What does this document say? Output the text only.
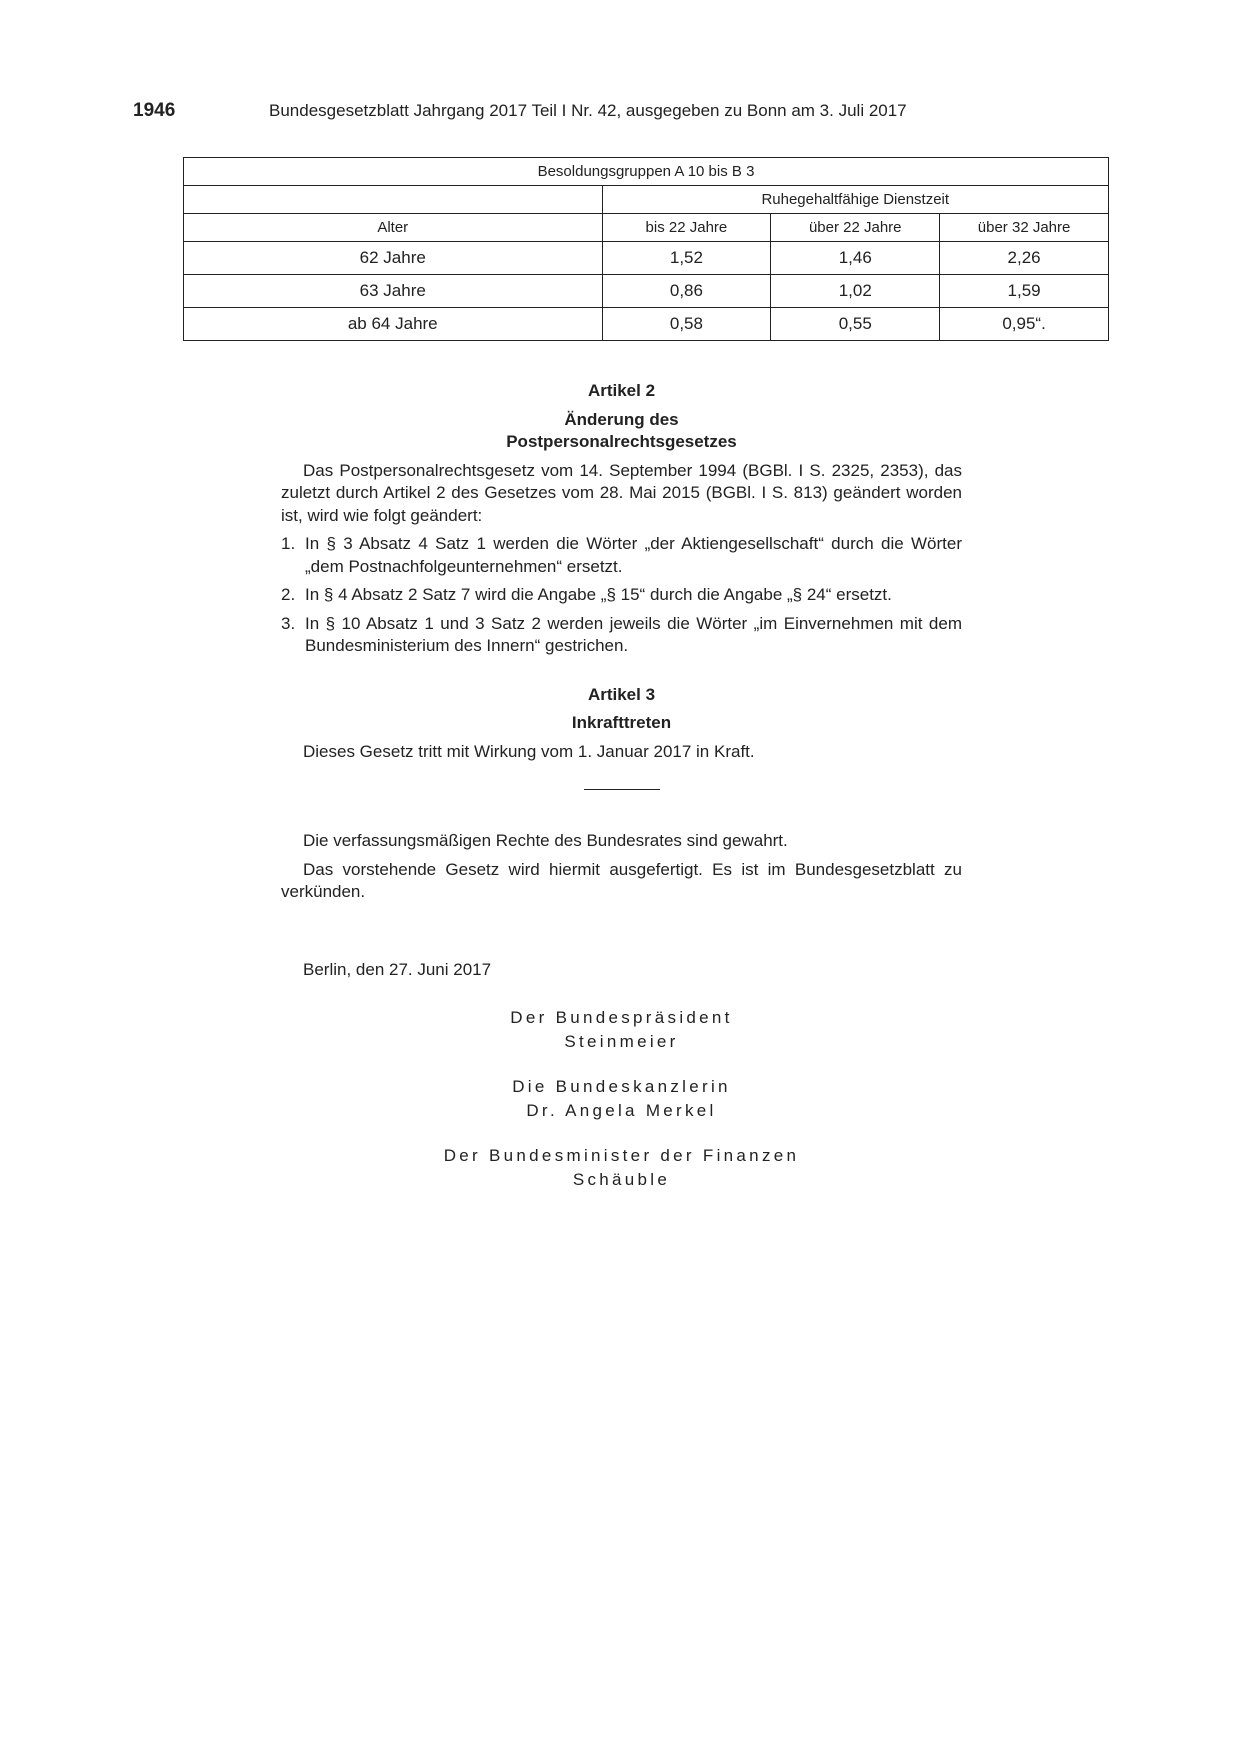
1946	Bundesgesetzblatt Jahrgang 2017 Teil I Nr. 42, ausgegeben zu Bonn am 3. Juli 2017
Besoldungsgruppen A 10 bis B 3			
	Ruhegehaltfähige Dienstzeit		
Alter	bis 22 Jahre	über 22 Jahre	über 32 Jahre
62 Jahre	1,52	1,46	2,26
63 Jahre	0,86	1,02	1,59
ab 64 Jahre	0,58	0,55	0,95“.

Artikel 2

Änderung des

Postpersonalrechtsgesetzes

Das Postpersonalrechtsgesetz vom 14. September 1994 (BGBl. I S. 2325, 2353), das zuletzt durch Artikel 2 des Gesetzes vom 28. Mai 2015 (BGBl. I S. 813) geändert worden ist, wird wie folgt geändert:

1. In § 3 Absatz 4 Satz 1 werden die Wörter „der Aktiengesellschaft“ durch die Wörter „dem Postnachfolgeunternehmen“ ersetzt.
2. In § 4 Absatz 2 Satz 7 wird die Angabe „§ 15“ durch die Angabe „§ 24“ ersetzt.
3. In § 10 Absatz 1 und 3 Satz 2 werden jeweils die Wörter „im Einvernehmen mit dem Bundesministerium des Innern“ gestrichen.

Artikel 3

Inkrafttreten

Dieses Gesetz tritt mit Wirkung vom 1. Januar 2017 in Kraft.

Die verfassungsmäßigen Rechte des Bundesrates sind gewahrt.

Das vorstehende Gesetz wird hiermit ausgefertigt. Es ist im Bundesgesetzblatt zu verkünden.

Berlin, den 27. Juni 2017
Der Bundespräsident
Steinmeier
Die Bundeskanzlerin
Dr. Angela Merkel
Der Bundesminister der Finanzen
Schäuble
